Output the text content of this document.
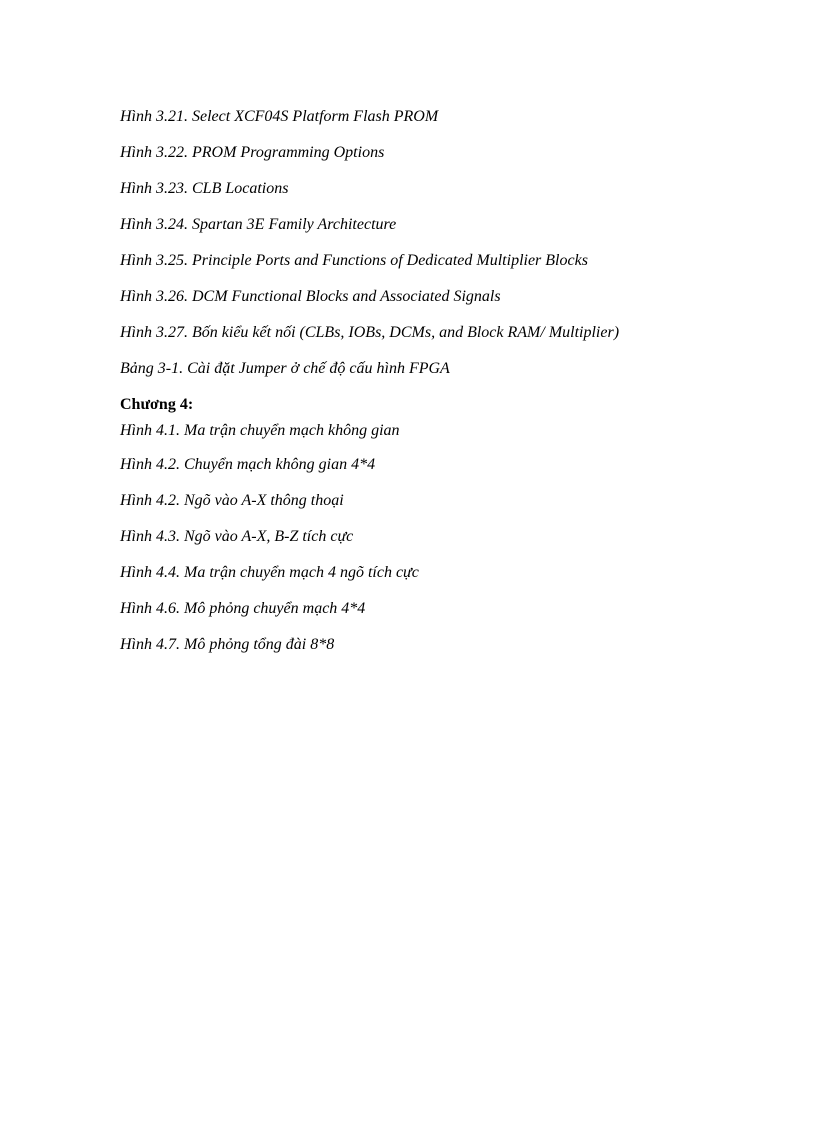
Hình 3.21. Select XCF04S Platform Flash PROM
Hình 3.22. PROM Programming Options
Hình 3.23. CLB Locations
Hình 3.24. Spartan 3E Family Architecture
Hình 3.25. Principle Ports and Functions of Dedicated Multiplier Blocks
Hình 3.26. DCM Functional Blocks and Associated Signals
Hình 3.27. Bốn kiểu kết nối (CLBs, IOBs, DCMs, and Block RAM/ Multiplier)
Bảng 3-1. Cài đặt Jumper ở chế độ cấu hình FPGA
Chương 4:
Hình 4.1. Ma trận chuyển mạch không gian
Hình 4.2. Chuyển mạch không gian 4*4
Hình 4.2. Ngõ vào A-X thông thoại
Hình 4.3. Ngõ vào A-X, B-Z tích cực
Hình 4.4. Ma trận chuyển mạch 4 ngõ tích cực
Hình 4.6. Mô phỏng chuyển mạch 4*4
Hình 4.7. Mô phỏng tổng đài 8*8
